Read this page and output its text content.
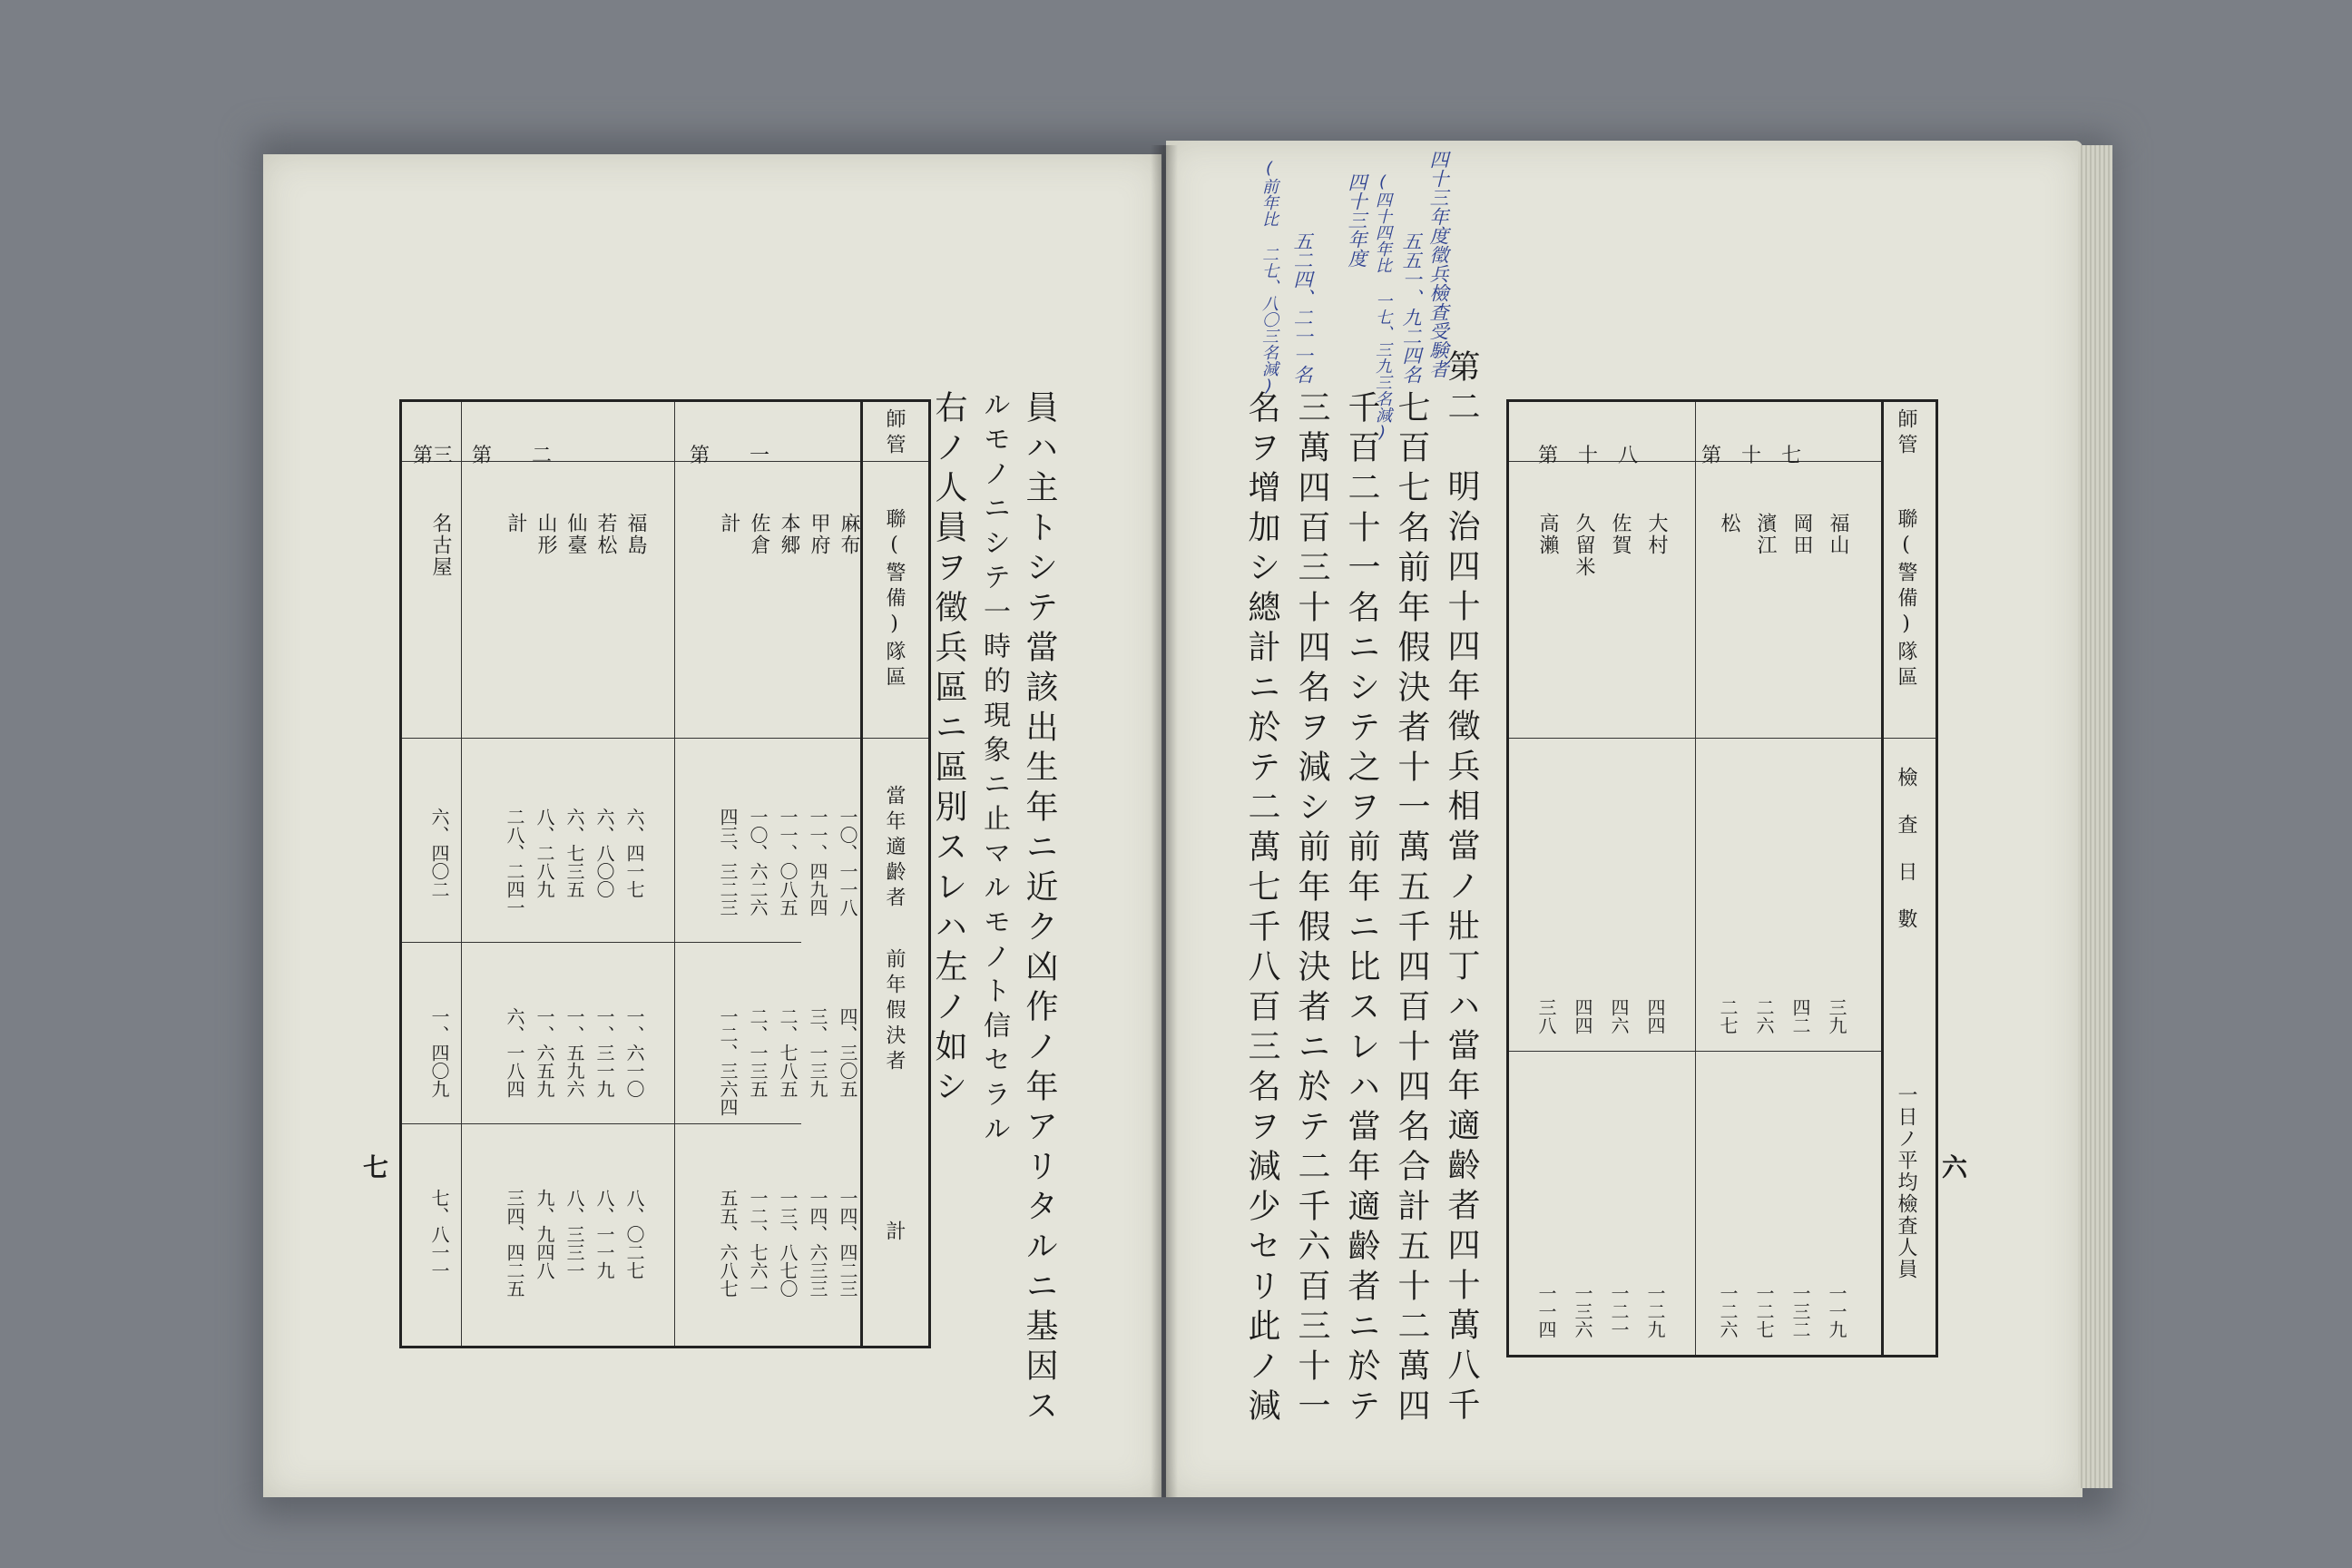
七
師管
聯(警備)隊區
當年適齡者
前年假決者
計
第　　一
第　　二
第三
麻布
一〇、一一八
四、三〇五
一四、四二三
甲府
一一、四九四
三、一三九
一四、六三三
本郷
一一、〇八五
二、七八五
一三、八七〇
佐倉
一〇、六二六
二、一三五
一二、七六一
計
四三、三二三
一二、三六四
五五、六八七
福島
六、四一七
一、六一〇
八、〇二七
若松
六、八〇〇
一、三一九
八、一一九
仙臺
六、七三五
一、五九六
八、三三一
山形
八、二八九
一、六五九
九、九四八
計
二八、二四一
六、一八四
三四、四二五
名古屋
六、四〇二
一、四〇九
七、八一一	員ハ主トシテ當該出生年ニ近ク凶作ノ年アリタルニ基因ス
ルモノニシテ一時的現象ニ止マルモノト信セラル
右ノ人員ヲ徵兵區ニ區別スレハ左ノ如シ
六
第二　明治四十四年徵兵相當ノ壯丁ハ當年適齡者四十萬八千
七百七名前年假決者十一萬五千四百十四名合計五十二萬四
千百二十一名ニシテ之ヲ前年ニ比スレハ當年適齡者ニ於テ
三萬四百三十四名ヲ減シ前年假決者ニ於テ二千六百三十一
名ヲ增加シ總計ニ於テ二萬七千八百三名ヲ減少セリ此ノ減
四十三年度徵兵檢査受験者
五五一、九二四名
(四十四年比 一七、三九三名減)
四十三年度
五二四、二一一名
(前年比 二七、八〇三名減)
師管
聯(警備)隊區
檢査日數
一日ノ平均檢査人員
第　十　七
第　十　八
福山
三九
一一九
岡田
四二
一三二
濱江
二六
一二七
松
二七
一二六
大村
四四
一二九
佐賀
四六
一二一
久留米
四四
一三六
高瀨
三八
一一四
